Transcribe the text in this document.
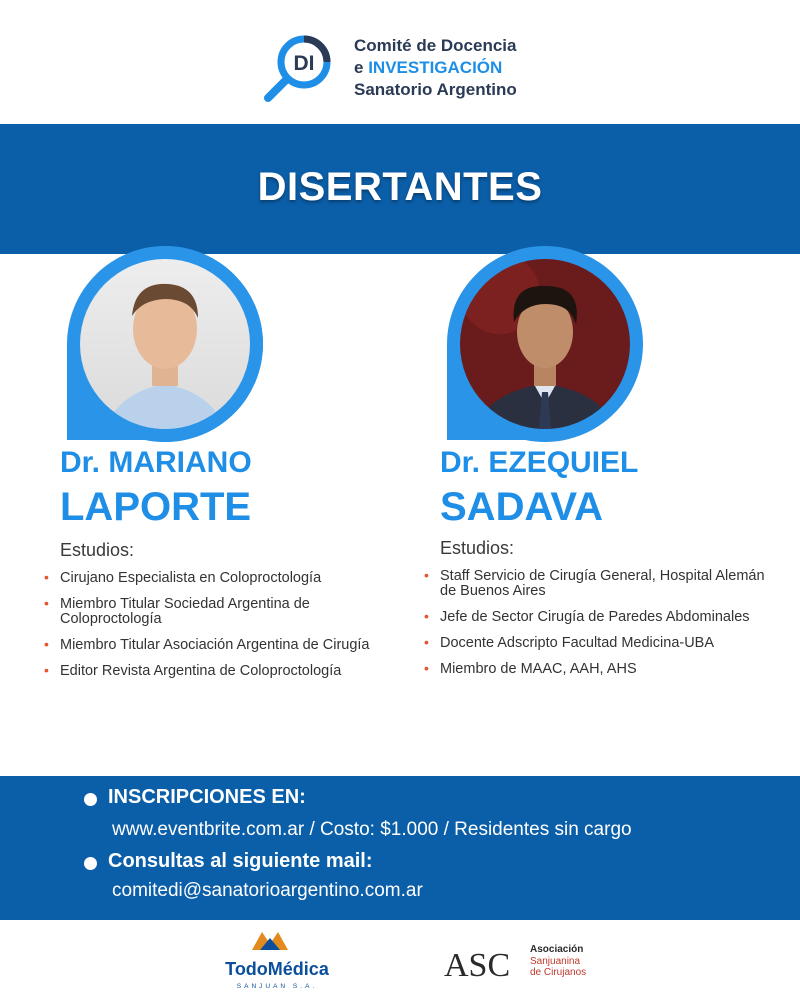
DI
Comité de Docencia
e INVESTIGACIÓN
Sanatorio Argentino
DISERTANTES
Dr. MARIANO
LAPORTE
Dr. EZEQUIEL
SADAVA
Estudios:
• Cirujano Especialista en Coloproctología
• Miembro Titular Sociedad Argentina de Coloproctología
• Miembro Titular Asociación Argentina de Cirugía
• Editor Revista Argentina de Coloproctología
Estudios:
• Staff Servicio de Cirugía General, Hospital Alemán de Buenos Aires
• Jefe de Sector Cirugía de Paredes Abdominales
• Docente Adscripto Facultad Medicina-UBA
• Miembro de MAAC, AAH, AHS
INSCRIPCIONES EN:
www.eventbrite.com.ar / Costo: $1.000 / Residentes sin cargo
Consultas al siguiente mail:
comitedi@sanatorioargentino.com.ar
TodoMédica
SANJUAN S.A.
ASC Asociación
Sanjuanina
de Cirujanos
